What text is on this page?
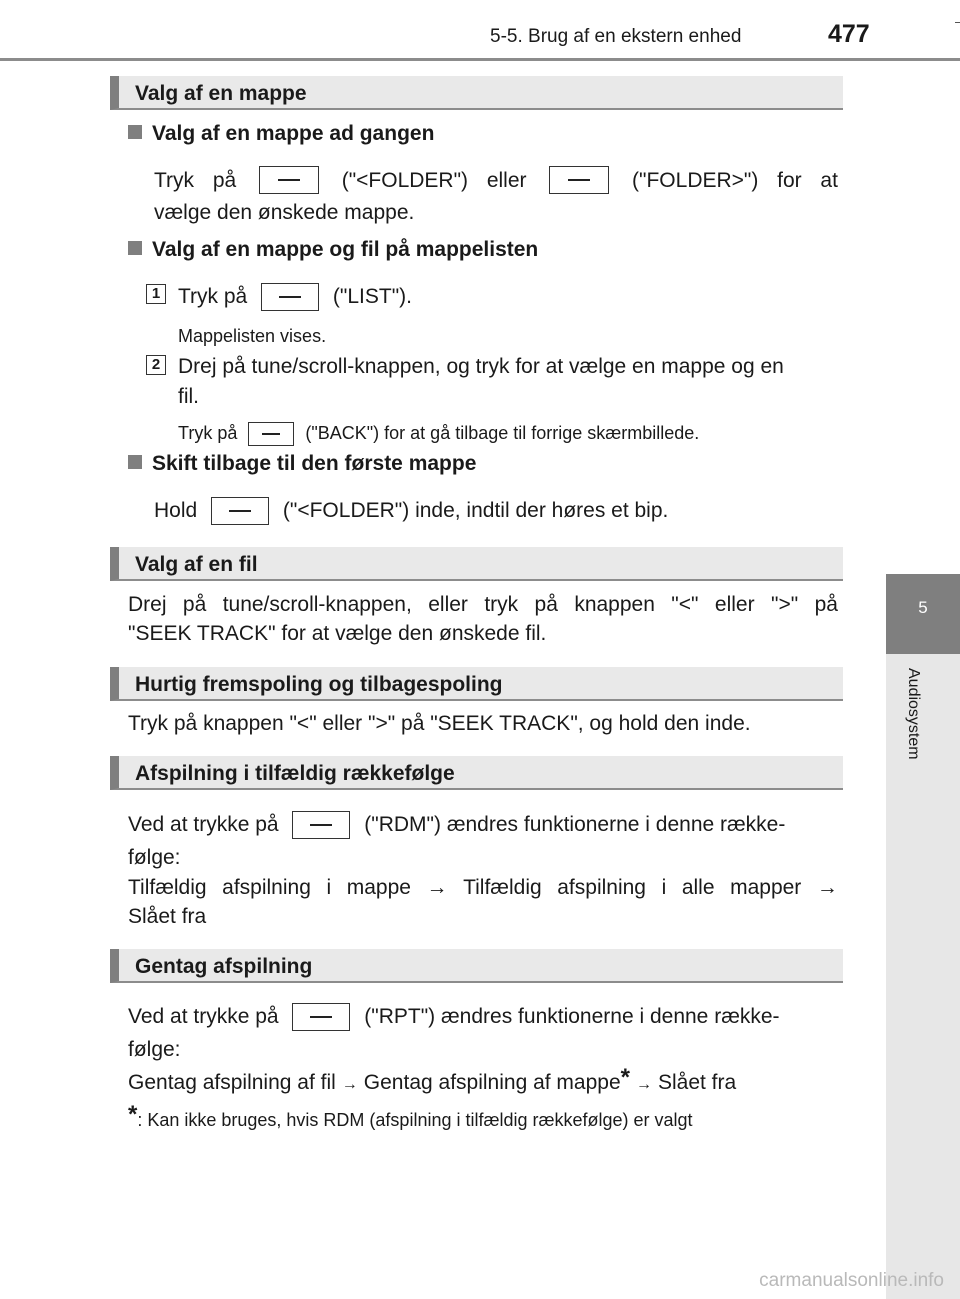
5-5. Brug af en ekstern enhed	477
5
Audiosystem
Valg af en mappe
Valg af en mappe ad gangen
Tryk på	("<FOLDER") eller	("FOLDER>") for at
vælge den ønskede mappe.
Valg af en mappe og fil på mappelisten
1 Tryk på	("LIST").
Mappelisten vises.
2 Drej på tune/scroll-knappen, og tryk for at vælge en mappe og en
fil.
Tryk på	("BACK") for at gå tilbage til forrige skærmbillede.
Skift tilbage til den første mappe
Hold	("<FOLDER") inde, indtil der høres et bip.
Valg af en fil
Drej på tune/scroll-knappen, eller tryk på knappen "<" eller ">" på
"SEEK TRACK" for at vælge den ønskede fil.
Hurtig fremspoling og tilbagespoling
Tryk på knappen "<" eller ">" på "SEEK TRACK", og hold den inde.
Afspilning i tilfældig rækkefølge
Ved at trykke på	("RDM") ændres funktionerne i denne række-
følge:
Tilfældig afspilning i mappe → Tilfældig afspilning i alle mapper →
Slået fra
Gentag afspilning
Ved at trykke på	("RPT") ændres funktionerne i denne række-
følge:
Gentag afspilning af fil → Gentag afspilning af mappe* → Slået fra
*: Kan ikke bruges, hvis RDM (afspilning i tilfældig rækkefølge) er valgt
carmanualsonline.info
